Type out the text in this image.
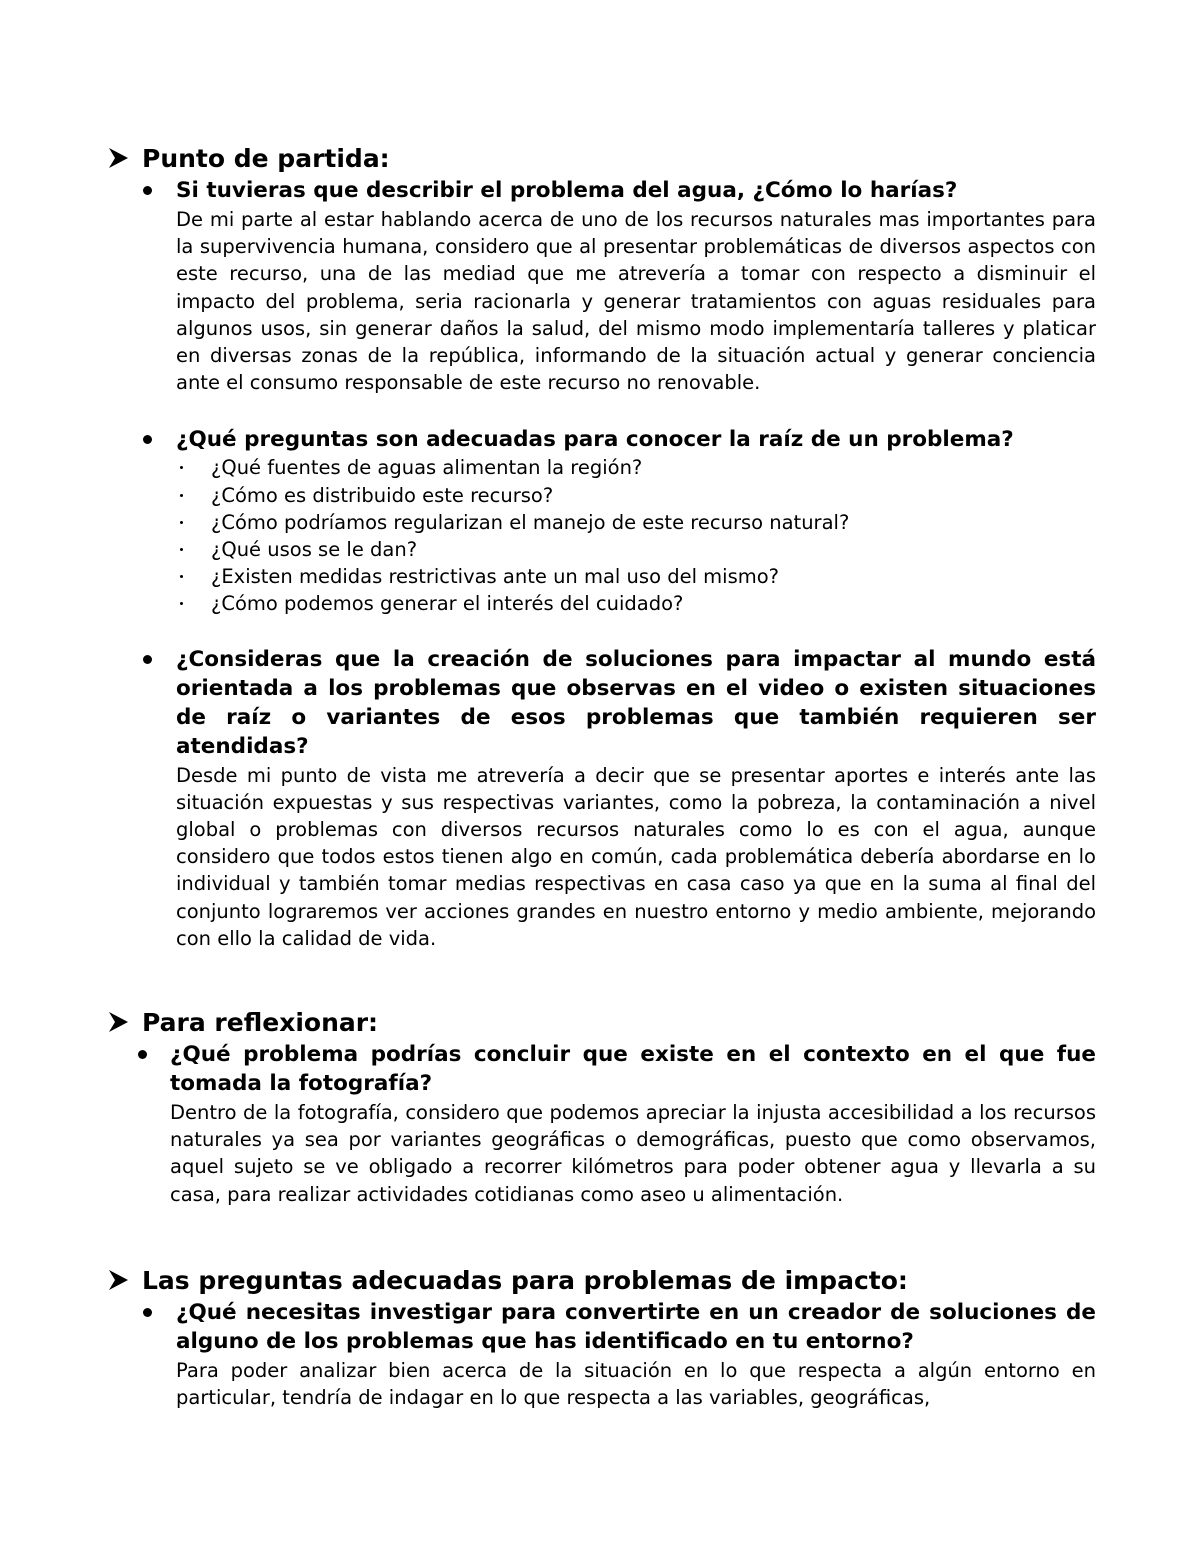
Punto de partida:
Si tuvieras que describir el problema del agua, ¿Cómo lo harías?
De mi parte al estar hablando acerca de uno de los recursos naturales mas importantes para la supervivencia humana, considero que al presentar problemáticas de diversos aspectos con este recurso, una de las mediad que me atrevería a tomar con respecto a disminuir el impacto del problema, seria racionarla y generar tratamientos con aguas residuales para algunos usos, sin generar daños la salud, del mismo modo implementaría talleres y platicar en diversas zonas de la república, informando de la situación actual y generar conciencia ante el consumo responsable de este recurso no renovable.
¿Qué preguntas son adecuadas para conocer la raíz de un problema?
¿Qué fuentes de aguas alimentan la región?
¿Cómo es distribuido este recurso?
¿Cómo podríamos regularizan el manejo de este recurso natural?
¿Qué usos se le dan?
¿Existen medidas restrictivas ante un mal uso del mismo?
¿Cómo podemos generar el interés del cuidado?
¿Consideras que la creación de soluciones para impactar al mundo está orientada a los problemas que observas en el video o existen situaciones de raíz o variantes de esos problemas que también requieren ser atendidas?
Desde mi punto de vista me atrevería a decir que se presentar aportes e interés ante las situación expuestas y sus respectivas variantes, como la pobreza, la contaminación a nivel global o problemas con diversos recursos naturales como lo es con el agua, aunque considero que todos estos tienen algo en común, cada problemática debería abordarse en lo individual y también tomar medias respectivas en casa caso ya que en la suma al final del conjunto lograremos ver acciones grandes en nuestro entorno y medio ambiente, mejorando con ello la calidad de vida.
Para reflexionar:
¿Qué problema podrías concluir que existe en el contexto en el que fue tomada la fotografía?
Dentro de la fotografía, considero que podemos apreciar la injusta accesibilidad a los recursos naturales ya sea por variantes geográficas o demográficas, puesto que como observamos, aquel sujeto se ve obligado a recorrer kilómetros para poder obtener agua y llevarla a su casa, para realizar actividades cotidianas como aseo u alimentación.
Las preguntas adecuadas para problemas de impacto:
¿Qué necesitas investigar para convertirte en un creador de soluciones de alguno de los problemas que has identificado en tu entorno?
Para poder analizar bien acerca de la situación en lo que respecta a algún entorno en particular, tendría de indagar en lo que respecta a las variables, geográficas,
